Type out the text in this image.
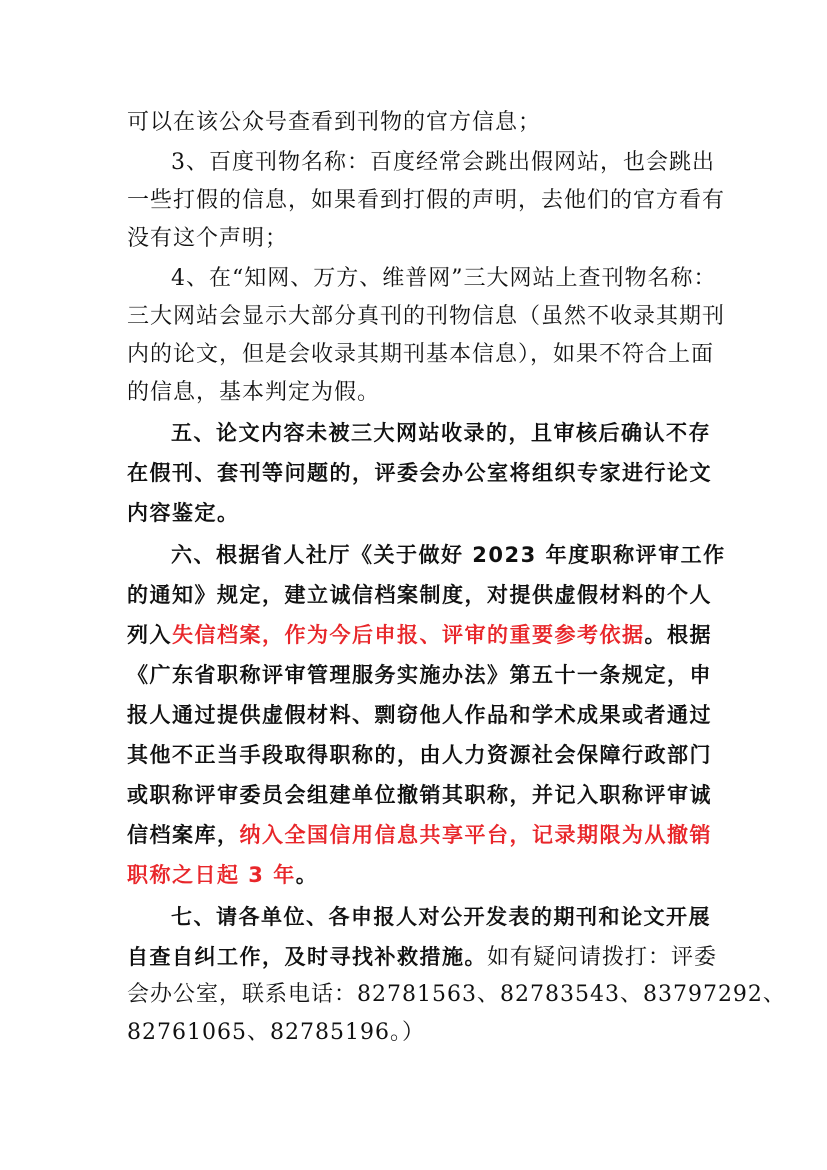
可以在该公众号查看到刊物的官方信息；
3、百度刊物名称：百度经常会跳出假网站，也会跳出
一些打假的信息，如果看到打假的声明，去他们的官方看有
没有这个声明；
4、在“知网、万方、维普网”三大网站上查刊物名称：
三大网站会显示大部分真刊的刊物信息（虽然不收录其期刊
内的论文，但是会收录其期刊基本信息），如果不符合上面
的信息，基本判定为假。
五、论文内容未被三大网站收录的，且审核后确认不存
在假刊、套刊等问题的，评委会办公室将组织专家进行论文
内容鉴定。
六、根据省人社厅《关于做好 2023 年度职称评审工作
的通知》规定，建立诚信档案制度，对提供虚假材料的个人
列入失信档案，作为今后申报、评审的重要参考依据。根据
《广东省职称评审管理服务实施办法》第五十一条规定，申
报人通过提供虚假材料、剽窃他人作品和学术成果或者通过
其他不正当手段取得职称的，由人力资源社会保障行政部门
或职称评审委员会组建单位撤销其职称，并记入职称评审诚
信档案库，纳入全国信用信息共享平台，记录期限为从撤销
职称之日起 3 年。
七、请各单位、各申报人对公开发表的期刊和论文开展
自查自纠工作，及时寻找补救措施。如有疑问请拨打：评委
会办公室，联系电话：82781563、82783543、83797292、
82761065、82785196。）
